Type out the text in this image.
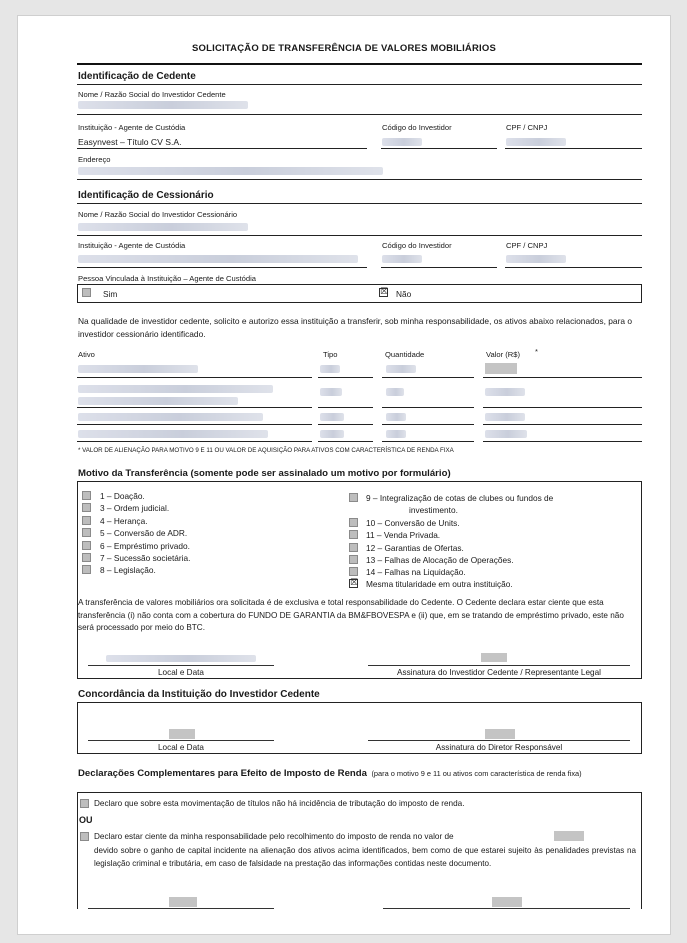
SOLICITAÇÃO DE TRANSFERÊNCIA DE VALORES MOBILIÁRIOS
Identificação de Cedente
Nome / Razão Social do Investidor Cedente
Instituição - Agente de Custódia
Easynvest – Título CV S.A.
Código do Investidor	CPF / CNPJ
Endereço
Identificação de Cessionário
Nome / Razão Social do Investidor Cessionário
Instituição - Agente de Custódia	Código do Investidor	CPF / CNPJ
Pessoa Vinculada à Instituição – Agente de Custódia
Sim	☒ Não
Na qualidade de investidor cedente, solicito e autorizo essa instituição a transferir, sob minha responsabilidade, os ativos abaixo relacionados, para o investidor cessionário identificado.
Ativo	Tipo	Quantidade	Valor (R$) *
* VALOR DE ALIENAÇÃO PARA MOTIVO 9 E 11 OU VALOR DE AQUISIÇÃO PARA ATIVOS COM CARACTERÍSTICA DE RENDA FIXA
Motivo da Transferência (somente pode ser assinalado um motivo por formulário)
1 – Doação.
3 – Ordem judicial.
4 – Herança.
5 – Conversão de ADR.
6 – Empréstimo privado.
7 – Sucessão societária.
8 – Legislação.
9 – Integralização de cotas de clubes ou fundos de
investimento.
10 – Conversão de Units.
11 – Venda Privada.
12 – Garantias de Ofertas.
13 – Falhas de Alocação de Operações.
14 – Falhas na Liquidação.
☒ Mesma titularidade em outra instituição.
A transferência de valores mobiliários ora solicitada é de exclusiva e total responsabilidade do Cedente. O Cedente declara estar ciente que esta transferência (i) não conta com a cobertura do FUNDO DE GARANTIA da BM&FBOVESPA e (ii) que, em se tratando de empréstimo privado, este não será processado por meio do BTC.
Local e Data	Assinatura do Investidor Cedente / Representante Legal
Concordância da Instituição do Investidor Cedente
Local e Data	Assinatura do Diretor Responsável
Declarações Complementares para Efeito de Imposto de Renda (para o motivo 9 e 11 ou ativos com característica de renda fixa)
Declaro que sobre esta movimentação de títulos não há incidência de tributação do imposto de renda.
OU
Declaro estar ciente da minha responsabilidade pelo recolhimento do imposto de renda no valor de
devido sobre o ganho de capital incidente na alienação dos ativos acima identificados, bem como de que estarei sujeito às penalidades previstas na legislação criminal e tributária, em caso de falsidade na prestação das informações contidas neste documento.
